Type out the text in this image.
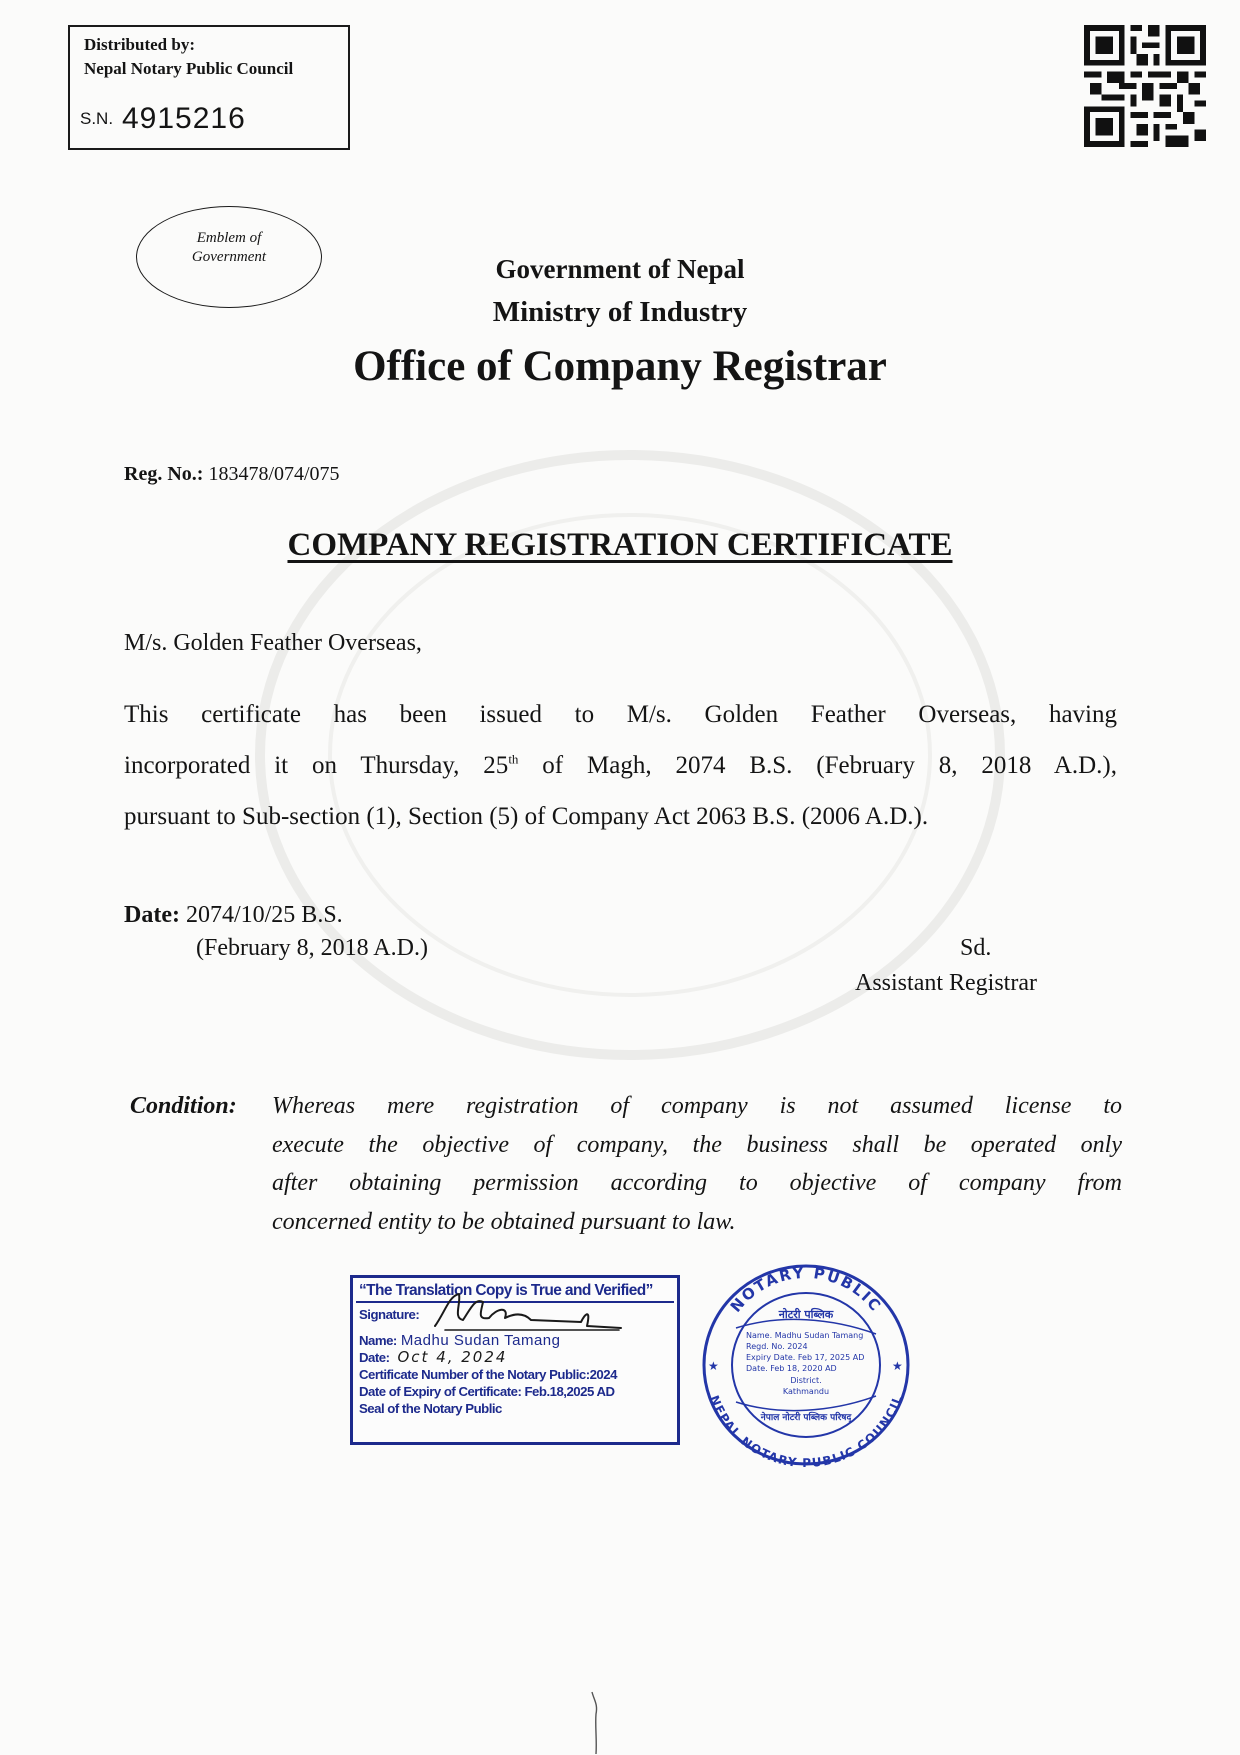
Distributed by:
Nepal Notary Public Council
S.N. 4915216
Emblem of
Government	Government of Nepal
Ministry of Industry
Office of Company Registrar
Reg. No.: 183478/074/075
COMPANY REGISTRATION CERTIFICATE
M/s. Golden Feather Overseas,
This certificate has been issued to M/s. Golden Feather Overseas, having
incorporated it on Thursday, 25th of Magh, 2074 B.S. (February 8, 2018 A.D.),
pursuant to Sub-section (1), Section (5) of Company Act 2063 B.S. (2006 A.D.).
Date: 2074/10/25 B.S.
(February 8, 2018 A.D.)	Sd.
Assistant Registrar
Condition: Whereas mere registration of company is not assumed license to
execute the objective of company, the business shall be operated only
after obtaining permission according to objective of company from
concerned entity to be obtained pursuant to law.
“The Translation Copy is True and Verified”
Signature:
Name: Madhu Sudan Tamang
Date: Oct 4, 2024
Certificate Number of the Notary Public:2024
Date of Expiry of Certificate: Feb.18,2025 AD
Seal of the Notary Public
NOTARY PUBLIC
NEPAL NOTARY PUBLIC COUNCIL
★	★
नोटरी पब्लिक
Name. Madhu Sudan Tamang
Regd. No. 2024
Expiry Date. Feb 17, 2025 AD
Date. Feb 18, 2020 AD
District.
Kathmandu
नेपाल नोटरी पब्लिक परिषद्
